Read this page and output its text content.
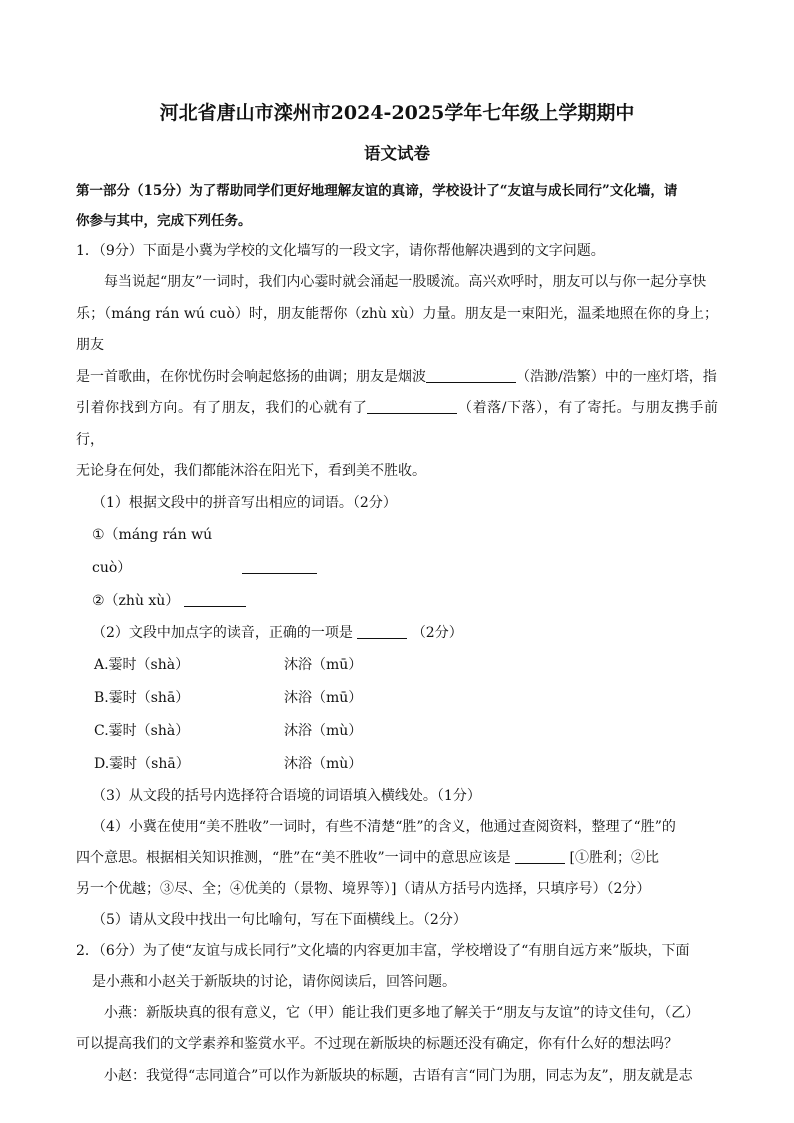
河北省唐山市滦州市2024-2025学年七年级上学期期中
语文试卷

第一部分（15分）为了帮助同学们更好地理解友谊的真谛，学校设计了“友谊与成长同行”文化墙，请

你参与其中，完成下列任务。

1．（9分）下面是小冀为学校的文化墙写的一段文字，请你帮他解决遇到的文字问题。

每当说起“朋友”一词时，我们内心霎时就会涌起一股暖流。高兴欢呼时，朋友可以与你一起分享快

乐；（máng rán wú cuò）时，朋友能帮你（zhù xù）力量。朋友是一束阳光，温柔地照在你的身上；朋友

是一首歌曲，在你忧伤时会响起悠扬的曲调；朋友是烟波	（浩渺/浩繁）中的一座灯塔，指

引着你找到方向。有了朋友，我们的心就有了	（着落/下落），有了寄托。与朋友携手前行，

无论身在何处，我们都能沐浴在阳光下，看到美不胜收。

（1）根据文段中的拼音写出相应的词语。（2分）

①（máng rán wú cuò）
②（zhù xù）

（2）文段中加点字的读音，正确的一项是	（2分）

A.霎时（shà）	沐浴（mū）
B.霎时（shā）	沐浴（mū）
C.霎时（shà）	沐浴（mù）
D.霎时（shā）	沐浴（mù）

（3）从文段的括号内选择符合语境的词语填入横线处。（1分）

（4）小冀在使用“美不胜收”一词时，有些不清楚“胜”的含义，他通过查阅资料，整理了“胜”的

四个意思。根据相关知识推测，“胜”在“美不胜收”一词中的意思应该是	[①胜利；②比

另一个优越；③尽、全；④优美的（景物、境界等）]（请从方括号内选择，只填序号）（2分）

（5）请从文段中找出一句比喻句，写在下面横线上。（2分）

2．（6分）为了使“友谊与成长同行”文化墙的内容更加丰富，学校增设了“有朋自远方来”版块，下面

是小燕和小赵关于新版块的讨论，请你阅读后，回答问题。

小燕：新版块真的很有意义，它（甲）能让我们更多地了解关于“朋友与友谊”的诗文佳句，（乙）

可以提高我们的文学素养和鉴赏水平。不过现在新版块的标题还没有确定，你有什么好的想法吗？

小赵：我觉得“志同道合”可以作为新版块的标题，古语有言“同门为朋，同志为友”，朋友就是志
